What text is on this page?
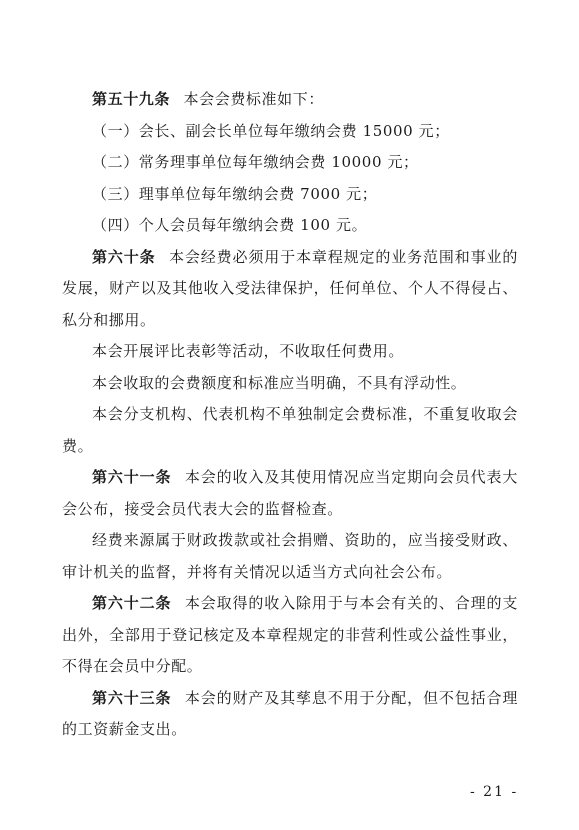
第五十九条 本会会费标准如下：

（一）会长、副会长单位每年缴纳会费 15000 元；

（二）常务理事单位每年缴纳会费 10000 元；

（三）理事单位每年缴纳会费 7000 元；

（四）个人会员每年缴纳会费 100 元。

第六十条 本会经费必须用于本章程规定的业务范围和事业的发展，财产以及其他收入受法律保护，任何单位、个人不得侵占、私分和挪用。

本会开展评比表彰等活动，不收取任何费用。

本会收取的会费额度和标准应当明确，不具有浮动性。

本会分支机构、代表机构不单独制定会费标准，不重复收取会费。

第六十一条 本会的收入及其使用情况应当定期向会员代表大会公布，接受会员代表大会的监督检查。

经费来源属于财政拨款或社会捐赠、资助的，应当接受财政、审计机关的监督，并将有关情况以适当方式向社会公布。

第六十二条 本会取得的收入除用于与本会有关的、合理的支出外，全部用于登记核定及本章程规定的非营利性或公益性事业，不得在会员中分配。

第六十三条 本会的财产及其孳息不用于分配，但不包括合理的工资薪金支出。

- 21 -
